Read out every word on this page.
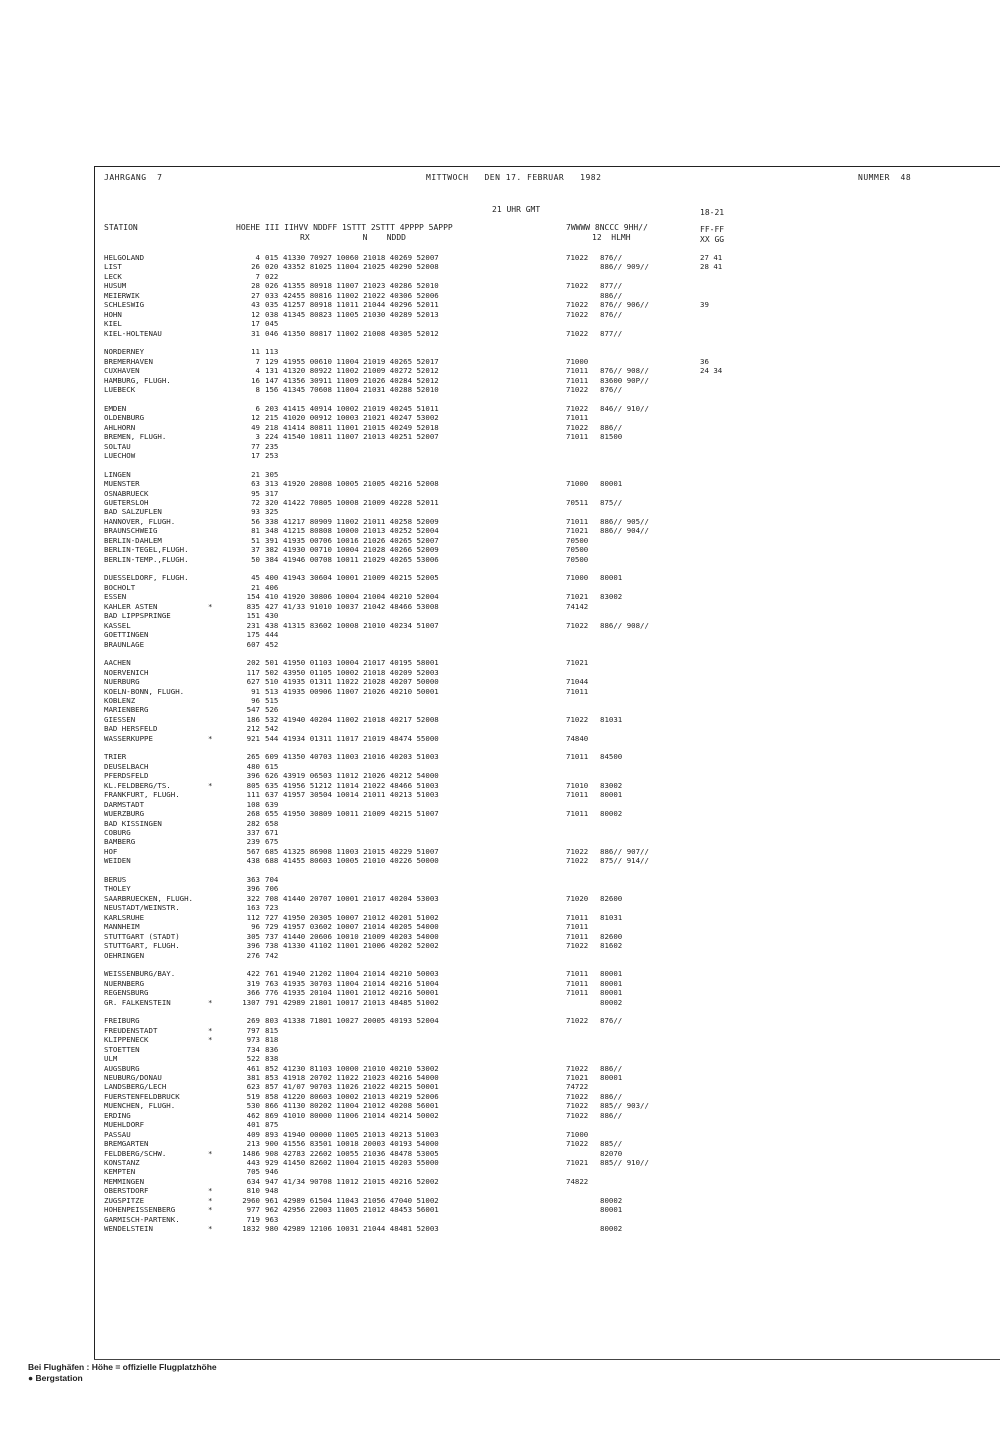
JAHRGANG  7	MITTWOCH   DEN 17. FEBRUAR   1982	NUMMER  48
21 UHR GMT	18-21
STATION	HOEHE III IIHVV NDDFF 1STTT 2STTT 4PPPP 5APPP
RX           N    NDDD
7WWWW 8NCCC 9HH//
12  HLMH
FF-FF
XX GG
HELGOLAND	4 015 41330 70927 10060 21018 40269 52007	71022 876//	27 41
LIST	26 020 43352 81025 11004 21025 40290 52008	886// 909//	28 41
LECK	7 022
HUSUM	28 026 41355 80918 11007 21023 40286 52010	71022 877//
MEIERWIK	27 033 42455 80816 11002 21022 40306 52006	886//
SCHLESWIG	43 035 41257 80918 11011 21044 40296 52011	71022 876// 906//	39
HOHN	12 038 41345 80823 11005 21030 40289 52013	71022 876//
KIEL	17 045
KIEL-HOLTENAU	31 046 41350 80817 11002 21008 40305 52012	71022 877//
NORDERNEY	11 113
BREMERHAVEN	7 129 41955 00610 11004 21019 40265 52017	71000	36
CUXHAVEN	4 131 41320 80922 11002 21009 40272 52012	71011 876// 908//	24 34
HAMBURG, FLUGH.	16 147 41356 30911 11009 21026 40284 52012	71011 83600 90P//
LUEBECK	8 156 41345 70608 11004 21031 40288 52010	71022 876//
EMDEN	6 203 41415 40914 10002 21019 40245 51011	71022 846// 910//
OLDENBURG	12 215 41020 00912 10003 21021 40247 53002	71011
AHLHORN	49 218 41414 80811 11001 21015 40249 52018	71022 886//
BREMEN, FLUGH.	3 224 41540 10811 11007 21013 40251 52007	71011 81500
SOLTAU	77 235
LUECHOW	17 253
LINGEN	21 305
MUENSTER	63 313 41920 20808 10005 21005 40216 52008	71000 80001
OSNABRUECK	95 317
GUETERSLOH	72 320 41422 70805 10008 21009 40228 52011	70511 875//
BAD SALZUFLEN	93 325
HANNOVER, FLUGH.	56 338 41217 80909 11002 21011 40258 52009	71011 886// 905//
BRAUNSCHWEIG	81 348 41215 80808 10000 21013 40252 52004	71021 886// 904//
BERLIN-DAHLEM	51 391 41935 00706 10016 21026 40265 52007	70500
BERLIN-TEGEL,FLUGH.	37 382 41930 00710 10004 21028 40266 52009	70500
BERLIN-TEMP.,FLUGH.	50 384 41946 00708 10011 21029 40265 53006	70500
DUESSELDORF, FLUGH.	45 400 41943 30604 10001 21009 40215 52005	71000 80001
BOCHOLT	21 406
ESSEN	154 410 41920 30806 10004 21004 40210 52004	71021 83002
KAHLER ASTEN	*	835 427 41/33 91010 10037 21042 48466 53008	74142
BAD LIPPSPRINGE	151 430
KASSEL	231 438 41315 83602 10008 21010 40234 51007	71022 886// 908//
GOETTINGEN	175 444
BRAUNLAGE	607 452
AACHEN	202 501 41950 01103 10004 21017 40195 58001	71021
NOERVENICH	117 502 43950 01105 10002 21018 40209 52003
NUERBURG	627 510 41935 01311 11022 21028 40207 50000	71044
KOELN-BONN, FLUGH.	91 513 41935 00906 11007 21026 40210 50001	71011
KOBLENZ	96 515
MARIENBERG	547 526
GIESSEN	186 532 41940 40204 11002 21018 40217 52008	71022 81031
BAD HERSFELD	212 542
WASSERKUPPE	*	921 544 41934 01311 11017 21019 48474 55000	74840
TRIER	265 609 41350 40703 11003 21016 40203 51003	71011 84500
DEUSELBACH	480 615
PFERDSFELD	396 626 43919 06503 11012 21026 40212 54000
KL.FELDBERG/TS.	*	805 635 41956 51212 11014 21022 48466 51003	71010 83002
FRANKFURT, FLUGH.	111 637 41957 30504 10014 21011 40213 51003	71011 80001
DARMSTADT	108 639
WUERZBURG	268 655 41950 30809 10011 21009 40215 51007	71011 80002
BAD KISSINGEN	282 658
COBURG	337 671
BAMBERG	239 675
HOF	567 685 41325 86908 11003 21015 40229 51007	71022 886// 907//
WEIDEN	438 688 41455 80603 10005 21010 40226 50000	71022 875// 914//
BERUS	363 704
THOLEY	396 706
SAARBRUECKEN, FLUGH.	322 708 41440 20707 10001 21017 40204 53003	71020 82600
NEUSTADT/WEINSTR.	163 723
KARLSRUHE	112 727 41950 20305 10007 21012 40201 51002	71011 81031
MANNHEIM	96 729 41957 03602 10007 21014 40205 54000	71011
STUTTGART (STADT)	305 737 41440 20606 10010 21009 40203 54000	71011 82600
STUTTGART, FLUGH.	396 738 41330 41102 11001 21006 40202 52002	71022 81602
OEHRINGEN	276 742
WEISSENBURG/BAY.	422 761 41940 21202 11004 21014 40210 50003	71011 80001
NUERNBERG	319 763 41935 30703 11004 21014 40216 51004	71011 80001
REGENSBURG	366 776 41935 20104 11001 21012 40216 50001	71011 80001
GR. FALKENSTEIN	*	1307 791 42989 21801 10017 21013 48485 51002	80002
FREIBURG	269 803 41338 71801 10027 20005 40193 52004	71022 876//
FREUDENSTADT	*	797 815
KLIPPENECK	*	973 818
STOETTEN	734 836
ULM	522 838
AUGSBURG	461 852 41230 81103 10000 21010 40210 53002	71022 886//
NEUBURG/DONAU	381 853 41918 20702 11022 21023 40216 54000	71021 80001
LANDSBERG/LECH	623 857 41/07 90703 11026 21022 40215 50001	74722
FUERSTENFELDBRUCK	519 858 41220 80603 10002 21013 40219 52006	71022 886//
MUENCHEN, FLUGH.	530 866 41130 80202 11004 21012 40208 56001	71022 885// 903//
ERDING	462 869 41010 80000 11006 21014 40214 50002	71022 886//
MUEHLDORF	401 875
PASSAU	409 893 41940 00000 11005 21013 40213 51003	71000
BREMGARTEN	213 900 41556 83501 10018 20003 40193 54000	71022 885//
FELDBERG/SCHW.	*	1486 908 42783 22602 10055 21036 48478 53005	82070
KONSTANZ	443 929 41450 82602 11004 21015 40203 55000	71021 885// 910//
KEMPTEN	705 946
MEMMINGEN	634 947 41/34 90708 11012 21015 40216 52002	74822
OBERSTDORF	*	810 948
ZUGSPITZE	*	2960 961 42989 61504 11043 21056 47040 51002	80002
HOHENPEISSENBERG	*	977 962 42956 22003 11005 21012 48453 56001	80001
GARMISCH-PARTENK.	719 963
WENDELSTEIN	*	1832 980 42989 12106 10031 21044 48481 52003	80002
Bei Flughäfen : Höhe = offizielle Flugplatzhöhe
● Bergstation
